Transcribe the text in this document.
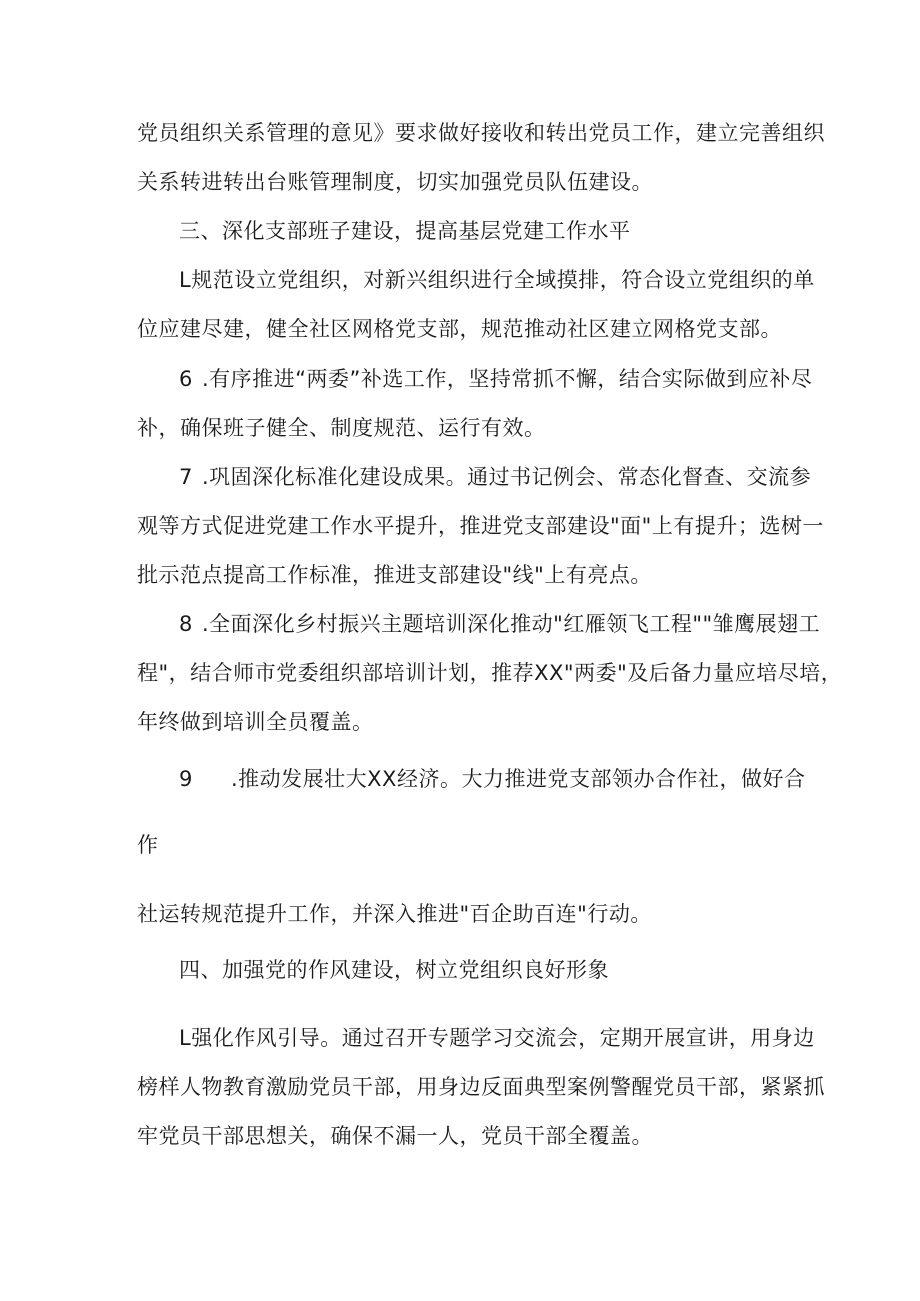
党员组织关系管理的意见》要求做好接收和转出党员工作，建立完善组织
关系转进转出台账管理制度，切实加强党员队伍建设。
三、深化支部班子建设，提高基层党建工作水平
L规范设立党组织，对新兴组织进行全域摸排，符合设立党组织的单
位应建尽建，健全社区网格党支部，规范推动社区建立网格党支部。
6 .有序推进“两委”补选工作，坚持常抓不懈，结合实际做到应补尽
补，确保班子健全、制度规范、运行有效。
7 .巩固深化标准化建设成果。通过书记例会、常态化督查、交流参
观等方式促进党建工作水平提升，推进党支部建设"面"上有提升；选树一
批示范点提高工作标准，推进支部建设"线"上有亮点。
8 .全面深化乡村振兴主题培训深化推动"红雁领飞工程""雏鹰展翅工
程"，结合师市党委组织部培训计划，推荐XX"两委"及后备力量应培尽培，
年终做到培训全员覆盖。
9 .推动发展壮大XX经济。大力推进党支部领办合作社，做好合
作
社运转规范提升工作，并深入推进"百企助百连"行动。
四、加强党的作风建设，树立党组织良好形象
L强化作风引导。通过召开专题学习交流会，定期开展宣讲，用身边
榜样人物教育激励党员干部，用身边反面典型案例警醒党员干部，紧紧抓
牢党员干部思想关，确保不漏一人，党员干部全覆盖。
